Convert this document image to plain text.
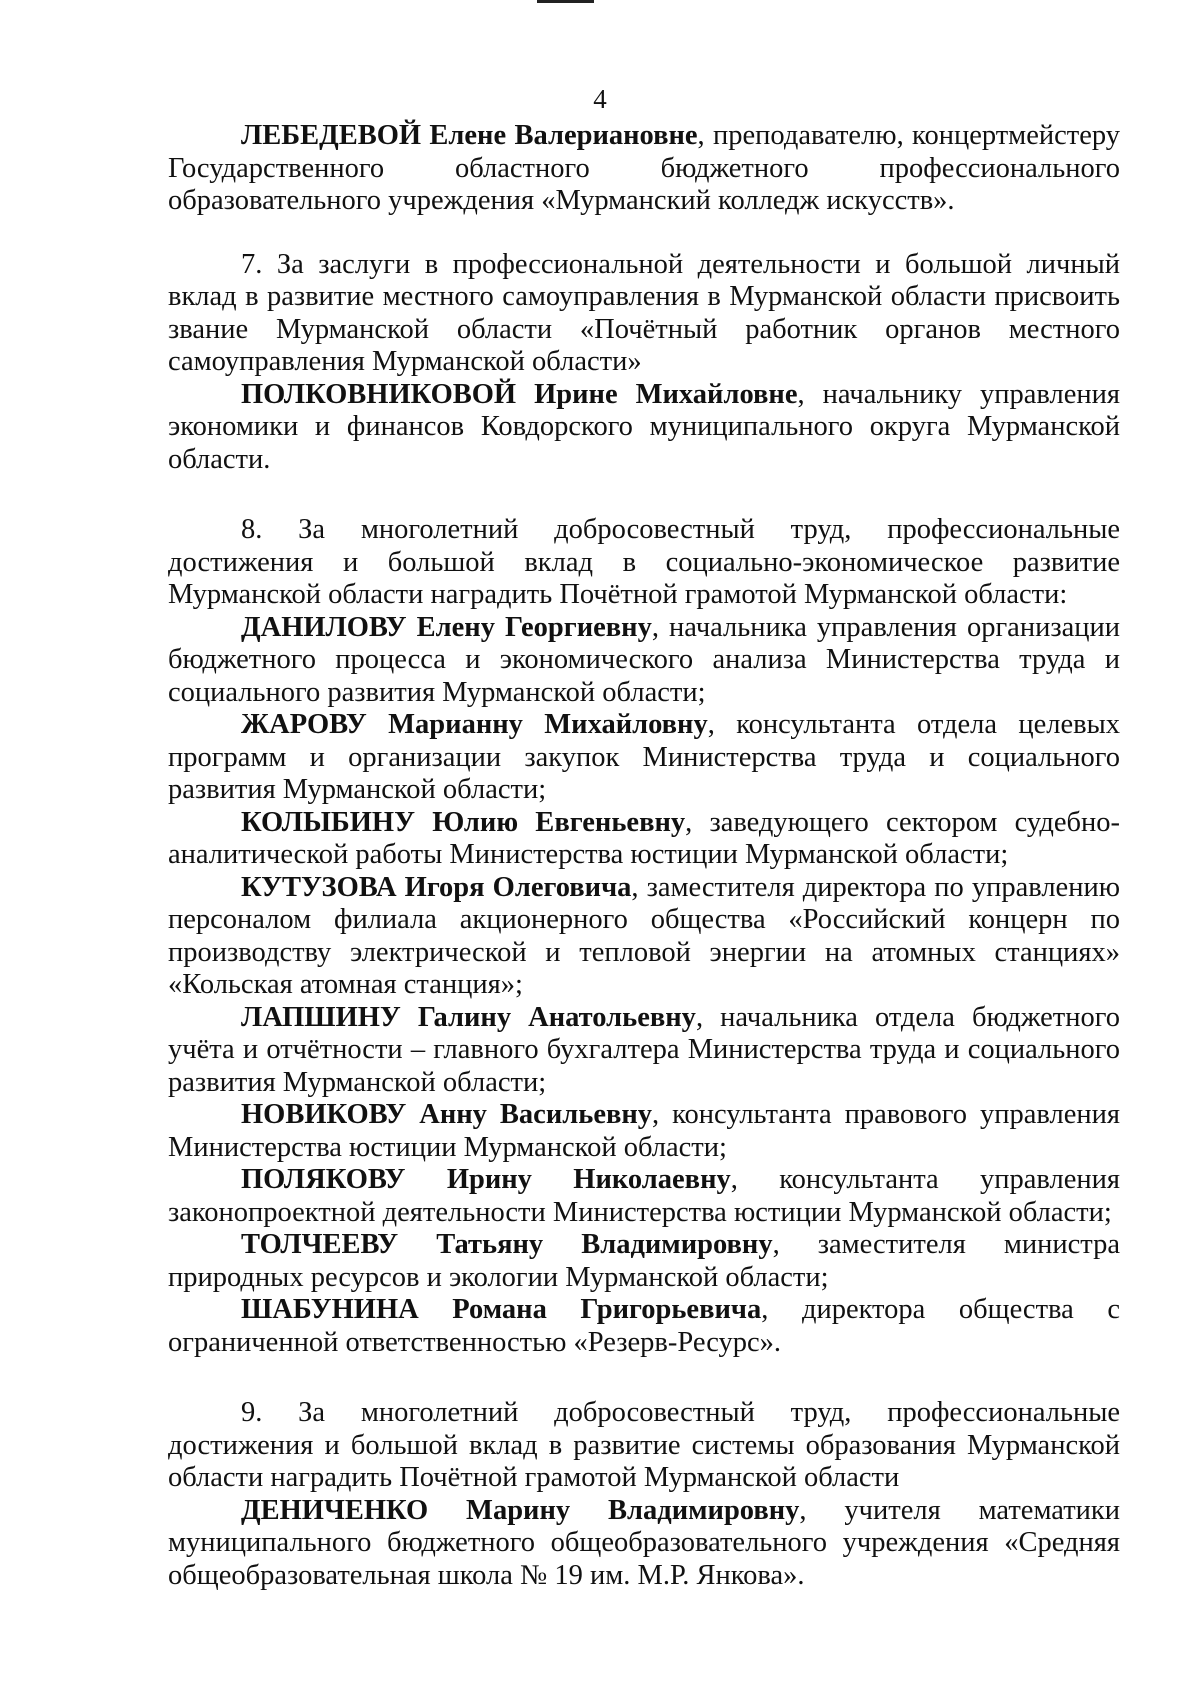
4

ЛЕБЕДЕВОЙ Елене Валериановне, преподавателю, концертмейстеру Государственного областного бюджетного профессионального образовательного учреждения «Мурманский колледж искусств».

7. За заслуги в профессиональной деятельности и большой личный вклад в развитие местного самоуправления в Мурманской области присвоить звание Мурманской области «Почётный работник органов местного самоуправления Мурманской области»

ПОЛКОВНИКОВОЙ Ирине Михайловне, начальнику управления экономики и финансов Ковдорского муниципального округа Мурманской области.

8. За многолетний добросовестный труд, профессиональные достижения и большой вклад в социально-экономическое развитие Мурманской области наградить Почётной грамотой Мурманской области:

ДАНИЛОВУ Елену Георгиевну, начальника управления организации бюджетного процесса и экономического анализа Министерства труда и социального развития Мурманской области;

ЖАРОВУ Марианну Михайловну, консультанта отдела целевых программ и организации закупок Министерства труда и социального развития Мурманской области;

КОЛЫБИНУ Юлию Евгеньевну, заведующего сектором судебно-аналитической работы Министерства юстиции Мурманской области;

КУТУЗОВА Игоря Олеговича, заместителя директора по управлению персоналом филиала акционерного общества «Российский концерн по производству электрической и тепловой энергии на атомных станциях» «Кольская атомная станция»;

ЛАПШИНУ Галину Анатольевну, начальника отдела бюджетного учёта и отчётности – главного бухгалтера Министерства труда и социального развития Мурманской области;

НОВИКОВУ Анну Васильевну, консультанта правового управления Министерства юстиции Мурманской области;

ПОЛЯКОВУ Ирину Николаевну, консультанта управления законопроектной деятельности Министерства юстиции Мурманской области;

ТОЛЧЕЕВУ Татьяну Владимировну, заместителя министра природных ресурсов и экологии Мурманской области;

ШАБУНИНА Романа Григорьевича, директора общества с ограниченной ответственностью «Резерв-Ресурс».

9. За многолетний добросовестный труд, профессиональные достижения и большой вклад в развитие системы образования Мурманской области наградить Почётной грамотой Мурманской области

ДЕНИЧЕНКО Марину Владимировну, учителя математики муниципального бюджетного общеобразовательного учреждения «Средняя общеобразовательная школа № 19 им. М.Р. Янкова».
